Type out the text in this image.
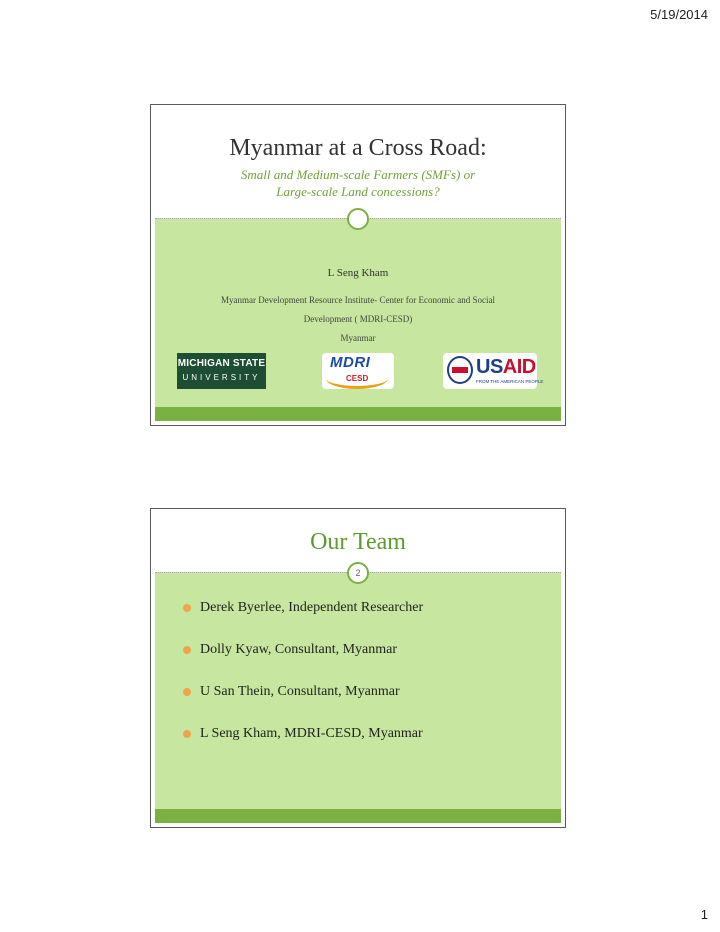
5/19/2014
Myanmar at a Cross Road:
Small and Medium-scale Farmers (SMFs) or
Large-scale Land concessions?
L Seng Kham
Myanmar Development Resource Institute- Center for Economic and Social
Development ( MDRI-CESD)
Myanmar
MICHIGAN STATE
UNIVERSITY
MDRI
CESD
USAID
FROM THE AMERICAN PEOPLE
Our Team
2
Derek Byerlee, Independent Researcher
Dolly Kyaw, Consultant, Myanmar
U San Thein, Consultant, Myanmar
L Seng Kham, MDRI-CESD, Myanmar
1
